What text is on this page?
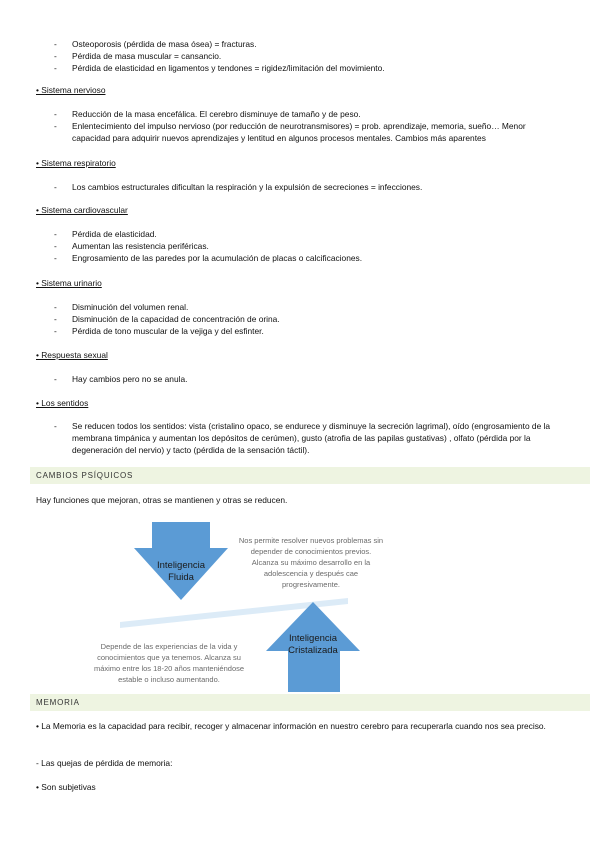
- Osteoporosis (pérdida de masa ósea) = fracturas.
- Pérdida de masa muscular = cansancio.
- Pérdida de elasticidad en ligamentos y tendones = rigidez/limitación del movimiento.
• Sistema nervioso
- Reducción de la masa encefálica. El cerebro disminuye de tamaño y de peso.
- Enlentecimiento del impulso nervioso (por reducción de neurotransmisores) = prob. aprendizaje, memoria, sueño… Menor capacidad para adquirir nuevos aprendizajes y lentitud en algunos procesos mentales. Cambios más aparentes
• Sistema respiratorio
- Los cambios estructurales dificultan la respiración y la expulsión de secreciones = infecciones.
• Sistema cardiovascular
- Pérdida de elasticidad.
- Aumentan las resistencia periféricas.
- Engrosamiento de las paredes por la acumulación de placas o calcificaciones.
• Sistema urinario
- Disminución del volumen renal.
- Disminución de la capacidad de concentración de orina.
- Pérdida de tono muscular de la vejiga y del esfinter.
• Respuesta sexual
- Hay cambios pero no se anula.
• Los sentidos
- Se reducen todos los sentidos: vista (cristalino opaco, se endurece y disminuye la secreción lagrimal), oído (engrosamiento de la membrana timpánica y aumentan los depósitos de cerúmen), gusto (atrofia de las papilas gustativas) , olfato (pérdida por la degeneración del nervio) y tacto (pérdida de la sensación táctil).
CAMBIOS PSÍQUICOS
Hay funciones que mejoran, otras se mantienen y otras se reducen.
Inteligencia
Fluida
Nos permite resolver nuevos problemas sin
depender de conocimientos previos.
Alcanza su máximo desarrollo en la
adolescencia y después cae
progresivamente.
Inteligencia
Cristalizada
Depende de las experiencias de la vida y
conocimientos que ya tenemos. Alcanza su
máximo entre los 18-20 años manteniéndose
estable o incluso aumentando.
MEMORIA
• La Memoria es la capacidad para recibir, recoger y almacenar información en nuestro cerebro para recuperarla cuando nos sea preciso.
- Las quejas de pérdida de memoria:
• Son subjetivas
